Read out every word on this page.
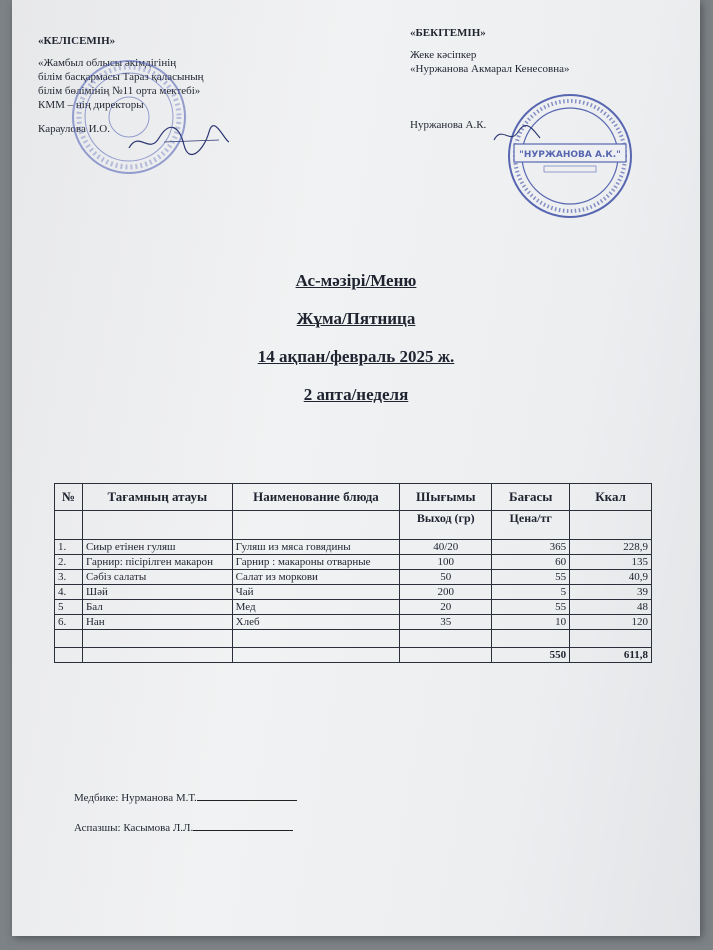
«КЕЛІСЕМІН»
«Жамбыл облысы әкімдігінің
білім басқармасы Тараз қаласының
білім бөлімінің №11 орта мектебі»
КММ – нің директоры
Караулова И.О.
«БЕКІТЕМІН»
Жеке кәсіпкер
«Нуржанова Акмарал Кенесовна»
Нуржанова А.К.
"НУРЖАНОВА А.К."
Ас-мәзірі/Меню
Жұма/Пятница
14 ақпан/февраль 2025 ж.
2 апта/неделя
№	Тағамның атауы	Наименование блюда	Шығымы	Бағасы	Ккал
			Выход (гр)	Цена/тг	
1.	Сиыр етінен гуляш	Гуляш из мяса говядины	40/20	365	228,9
2.	Гарнир: пісірілген макарон	Гарнир : макароны отварные	100	60	135
3.	Сәбіз салаты	Салат из моркови	50	55	40,9
4.	Шәй	Чай	200	5	39
5	Бал	Мед	20	55	48
6.	Нан	Хлеб	35	10	120

				550	611,8
Медбике: Нурманова М.Т.
Аспазшы: Касымова Л.Л.
